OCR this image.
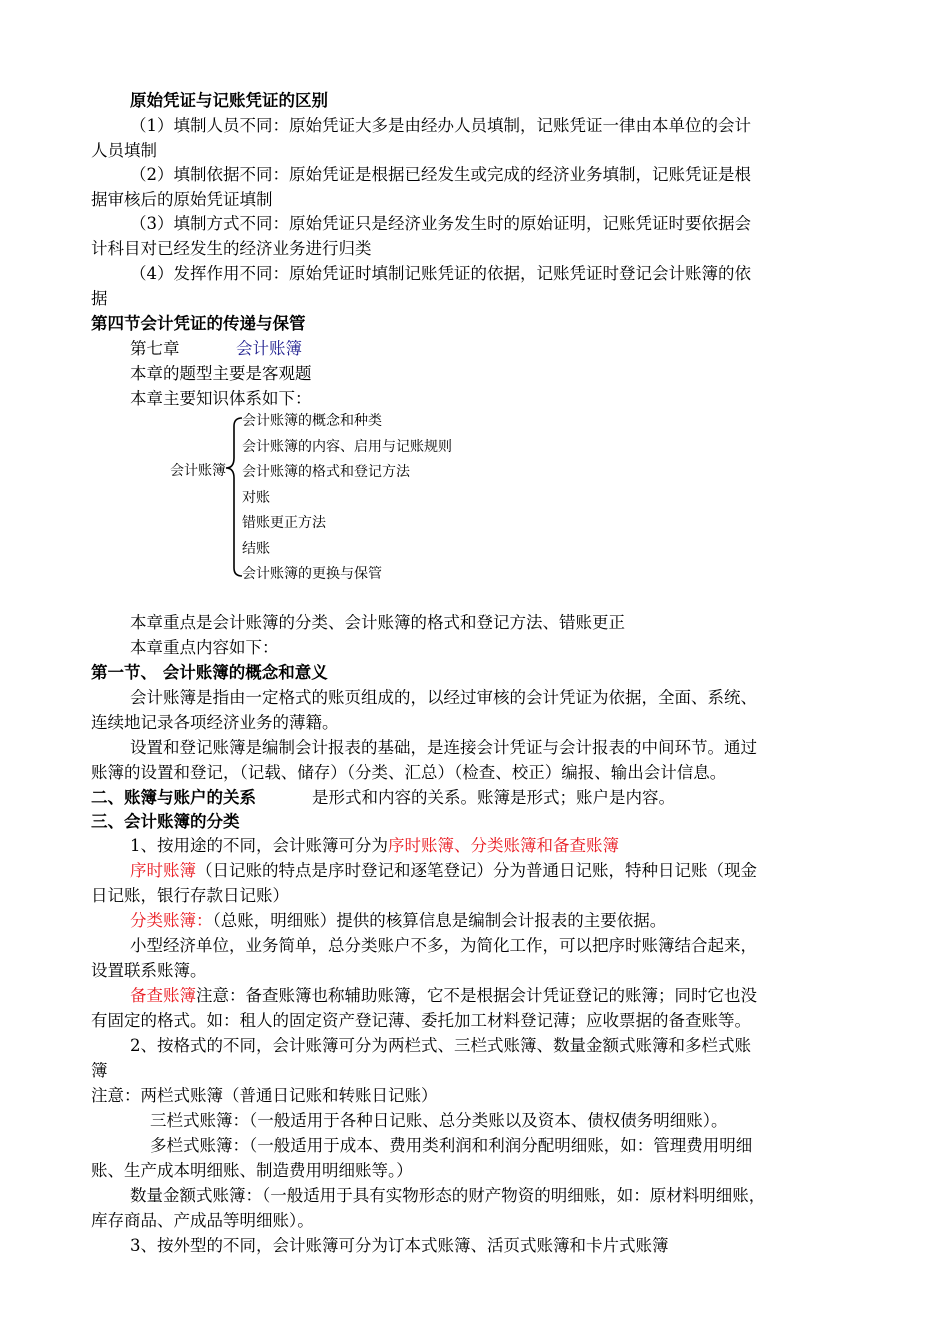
原始凭证与记账凭证的区别
（1）填制人员不同：原始凭证大多是由经办人员填制，记账凭证一律由本单位的会计
人员填制
（2）填制依据不同：原始凭证是根据已经发生或完成的经济业务填制，记账凭证是根
据审核后的原始凭证填制
（3）填制方式不同：原始凭证只是经济业务发生时的原始证明，记账凭证时要依据会
计科目对已经发生的经济业务进行归类
（4）发挥作用不同：原始凭证时填制记账凭证的依据，记账凭证时登记会计账簿的依
据
第四节会计凭证的传递与保管
第七章	会计账簿
本章的题型主要是客观题
本章主要知识体系如下：
会计账簿
会计账簿的概念和种类
会计账簿的内容、启用与记账规则
会计账簿的格式和登记方法
对账
错账更正方法
结账
会计账簿的更换与保管
本章重点是会计账簿的分类、会计账簿的格式和登记方法、错账更正
本章重点内容如下：
第一节、 会计账簿的概念和意义
会计账簿是指由一定格式的账页组成的，以经过审核的会计凭证为依据，全面、系统、
连续地记录各项经济业务的薄籍。
设置和登记账簿是编制会计报表的基础，是连接会计凭证与会计报表的中间环节。通过
账簿的设置和登记，（记载、储存）（分类、汇总）（检查、校正）编报、输出会计信息。
二、账簿与账户的关系	是形式和内容的关系。账簿是形式；账户是内容。
三、会计账簿的分类
1、按用途的不同，会计账簿可分为序时账簿、分类账簿和备查账簿
序时账簿（日记账的特点是序时登记和逐笔登记）分为普通日记账，特种日记账（现金
日记账，银行存款日记账）
分类账簿：（总账，明细账）提供的核算信息是编制会计报表的主要依据。
小型经济单位，业务简单，总分类账户不多，为简化工作，可以把序时账簿结合起来，
设置联系账簿。
备查账簿注意：备查账簿也称辅助账簿，它不是根据会计凭证登记的账簿；同时它也没
有固定的格式。如：租人的固定资产登记薄、委托加工材料登记薄；应收票据的备查账等。
2、按格式的不同，会计账簿可分为两栏式、三栏式账簿、数量金额式账簿和多栏式账
簿
注意：两栏式账簿（普通日记账和转账日记账）
三栏式账簿：（一般适用于各种日记账、总分类账以及资本、债权债务明细账）。
多栏式账簿：（一般适用于成本、费用类利润和利润分配明细账，如：管理费用明细
账、生产成本明细账、制造费用明细账等。）
数量金额式账簿：（一般适用于具有实物形态的财产物资的明细账，如：原材料明细账，
库存商品、产成品等明细账）。
3、按外型的不同，会计账簿可分为订本式账簿、活页式账簿和卡片式账簿
